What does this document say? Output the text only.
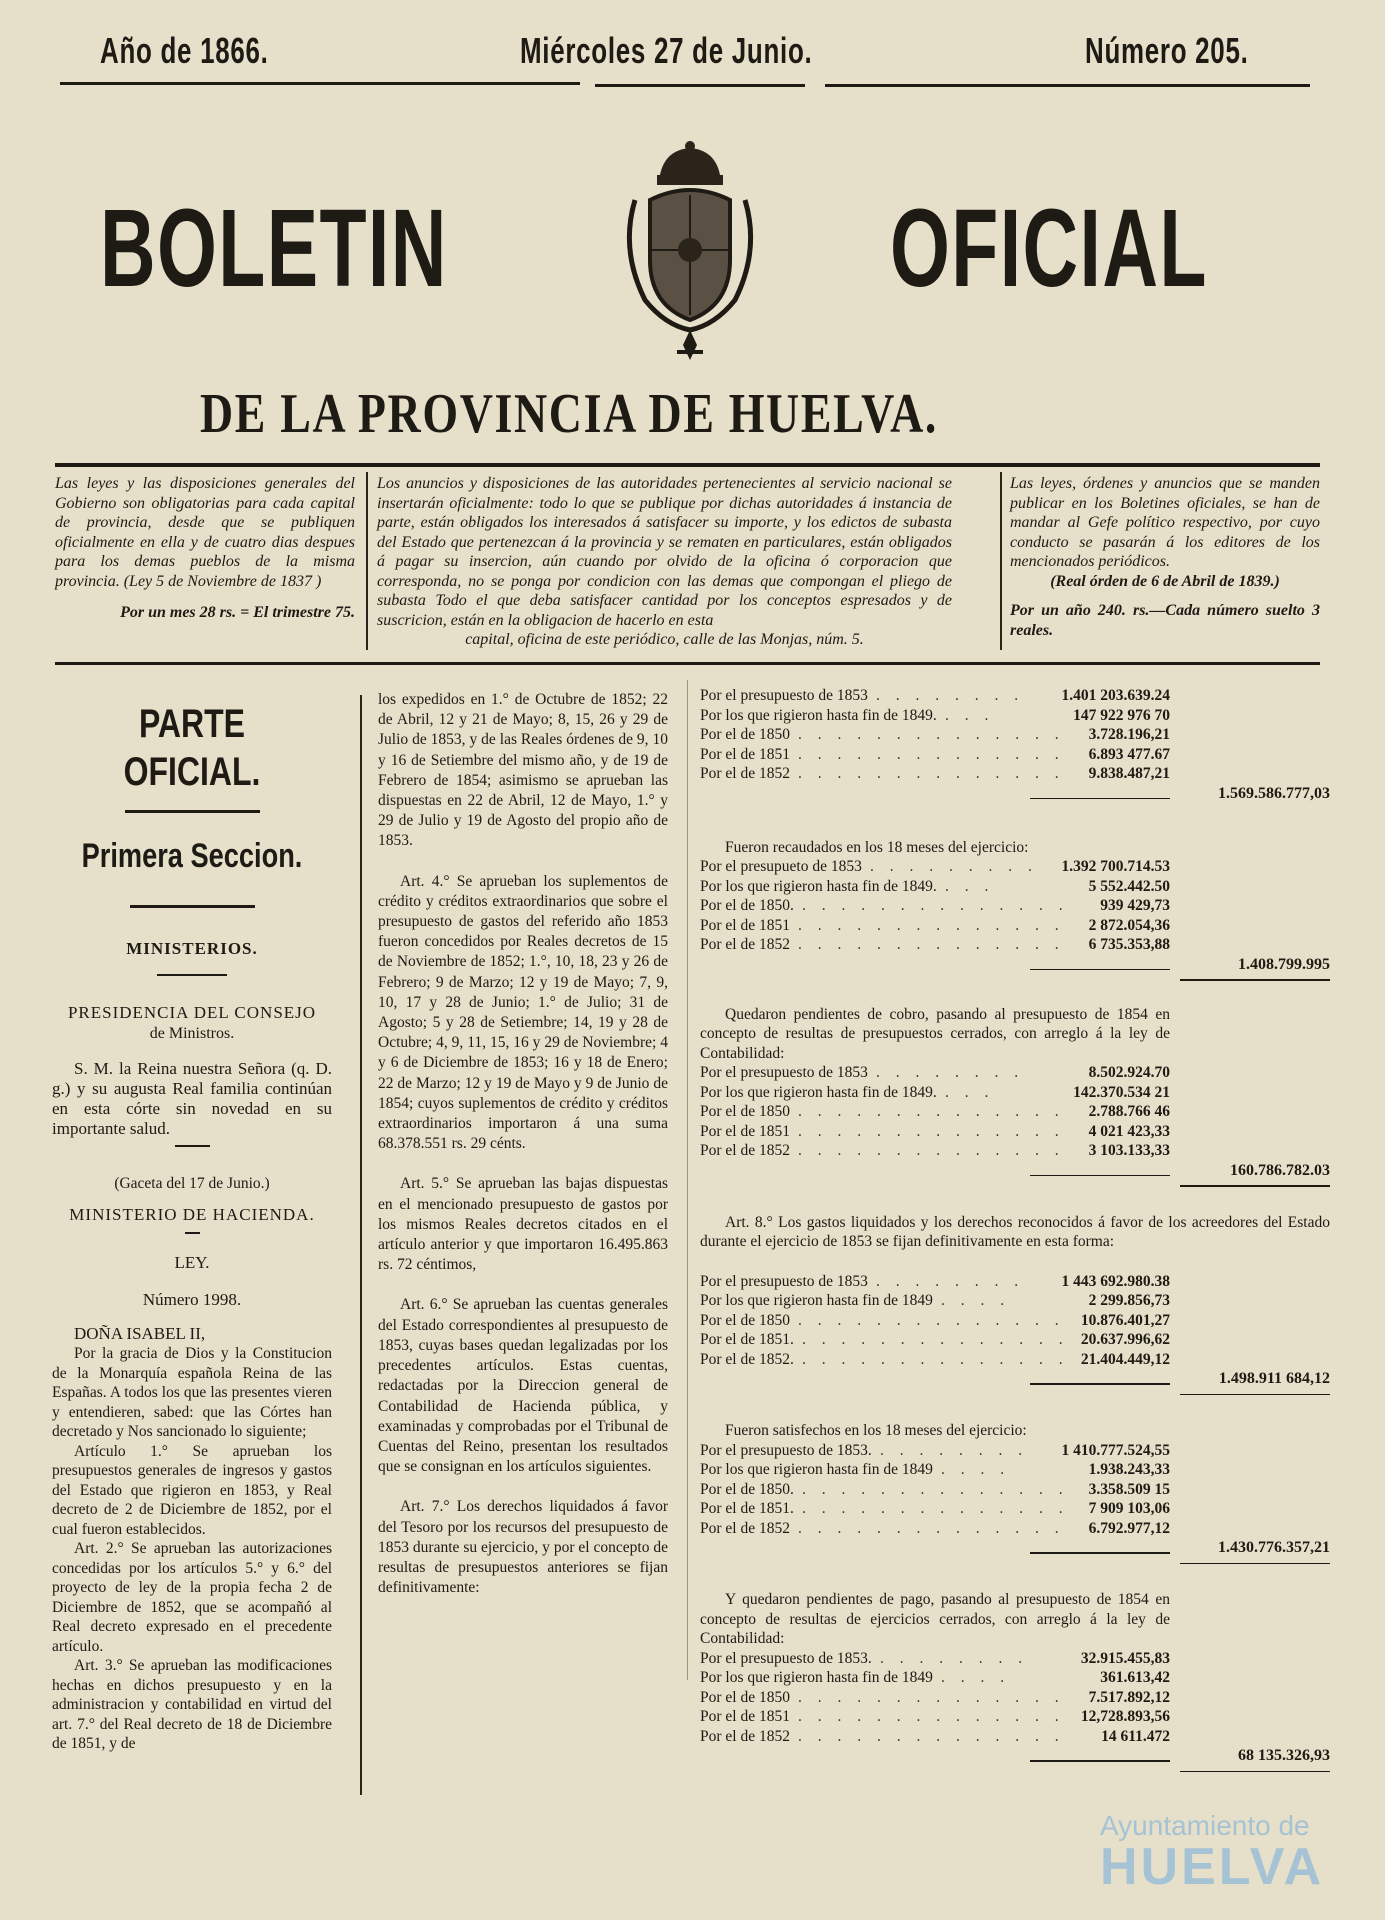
Año de 1866.	Miércoles 27 de Junio.	Número 205.
BOLETIN	OFICIAL
DE LA PROVINCIA DE HUELVA.
Las leyes y las disposiciones generales del Gobierno son obligatorias para cada capital de provincia, desde que se publiquen oficialmente en ella y de cuatro dias despues para los demas pueblos de la misma provincia. (Ley 5 de Noviembre de 1837 )
Por un mes 28 rs. = El trimestre 75.
Los anuncios y disposiciones de las autoridades pertenecientes al servicio nacional se insertarán oficialmente: todo lo que se publique por dichas autoridades á instancia de parte, están obligados los interesados á satisfacer su importe, y los edictos de subasta del Estado que pertenezcan á la provincia y se rematen en particulares, están obligados á pagar su insercion, aún cuando por olvido de la oficina ó corporacion que corresponda, no se ponga por condicion con las demas que compongan el pliego de subasta Todo el que deba satisfacer cantidad por los conceptos espresados y de suscricion, están en la obligacion de hacerlo en esta
capital, oficina de este periódico, calle de las Monjas, núm. 5.
Las leyes, órdenes y anuncios que se manden publicar en los Boletines oficiales, se han de mandar al Gefe político respectivo, por cuyo conducto se pasarán á los editores de los mencionados periódicos.
(Real órden de 6 de Abril de 1839.)
Por un año 240. rs.—Cada número suelto 3 reales.
PARTE OFICIAL.
Primera Seccion.
MINISTERIOS.
PRESIDENCIA DEL CONSEJO
de Ministros.

S. M. la Reina nuestra Señora (q. D. g.) y su augusta Real familia continúan en esta córte sin novedad en su importante salud.

(Gaceta del 17 de Junio.)
MINISTERIO DE HACIENDA.
LEY.
Número 1998.
DOÑA ISABEL II,

Por la gracia de Dios y la Constitucion de la Monarquía española Reina de las Españas. A todos los que las presentes vieren y entendieren, sabed: que las Córtes han decretado y Nos sancionado lo siguiente;

Artículo 1.° Se aprueban los presupuestos generales de ingresos y gastos del Estado que rigieron en 1853, y Real decreto de 2 de Diciembre de 1852, por el cual fueron establecidos.

Art. 2.° Se aprueban las autorizaciones concedidas por los artículos 5.° y 6.° del proyecto de ley de la propia fecha 2 de Diciembre de 1852, que se acompañó al Real decreto expresado en el precedente artículo.

Art. 3.° Se aprueban las modificaciones hechas en dichos presupuesto y en la administracion y contabilidad en virtud del art. 7.° del Real decreto de 18 de Diciembre de 1851, y de

los expedidos en 1.° de Octubre de 1852; 22 de Abril, 12 y 21 de Mayo; 8, 15, 26 y 29 de Julio de 1853, y de las Reales órdenes de 9, 10 y 16 de Setiembre del mismo año, y de 19 de Febrero de 1854; asimismo se aprueban las dispuestas en 22 de Abril, 12 de Mayo, 1.° y 29 de Julio y 19 de Agosto del propio año de 1853.

Art. 4.° Se aprueban los suplementos de crédito y créditos extraordinarios que sobre el presupuesto de gastos del referido año 1853 fueron concedidos por Reales decretos de 15 de Noviembre de 1852; 1.°, 10, 18, 23 y 26 de Febrero; 9 de Marzo; 12 y 19 de Mayo; 7, 9, 10, 17 y 28 de Junio; 1.° de Julio; 31 de Agosto; 5 y 28 de Setiembre; 14, 19 y 28 de Octubre; 4, 9, 11, 15, 16 y 29 de Noviembre; 4 y 6 de Diciembre de 1853; 16 y 18 de Enero; 22 de Marzo; 12 y 19 de Mayo y 9 de Junio de 1854; cuyos suplementos de crédito y créditos extraordinarios importaron á una suma 68.378.551 rs. 29 cénts.

Art. 5.° Se aprueban las bajas dispuestas en el mencionado presupuesto de gastos por los mismos Reales decretos citados en el artículo anterior y que importaron 16.495.863 rs. 72 céntimos,

Art. 6.° Se aprueban las cuentas generales del Estado correspondientes al presupuesto de 1853, cuyas bases quedan legalizadas por los precedentes artículos. Estas cuentas, redactadas por la Direccion general de Contabilidad de Hacienda pública, y examinadas y comprobadas por el Tribunal de Cuentas del Reino, presentan los resultados que se consignan en los artículos siguientes.

Art. 7.° Los derechos liquidados á favor del Tesoro por los recursos del presupuesto de 1853 durante su ejercicio, y por el concepto de resultas de presupuestos anteriores se fijan definitivamente:

Por el presupuesto de 1853 . . . . . . . . 1.401 203.639.24
Por los que rigieron hasta fin de 1849. . . .	147 922 976 70
Por el de 1850 . . . . . . . . . . . . . . 3.728.196,21
Por el de 1851 . . . . . . . . . . . . . . 6.893 477.67
Por el de 1852 . . . . . . . . . . . . . . 9.838.487,21
1.569.586.777,03
Fueron recaudados en los 18 meses del ejercicio:
Por el presupueto de 1853 . . . . . . . . . 1.392 700.714.53
Por los que rigieron hasta fin de 1849. . . .	5 552.442.50
Por el de 1850. . . . . . . . . . . . . . . 939 429,73
Por el de 1851 . . . . . . . . . . . . . . 2 872.054,36
Por el de 1852 . . . . . . . . . . . . . . 6 735.353,88
1.408.799.995
Quedaron pendientes de cobro, pasando al presupuesto de 1854 en concepto de resultas de presupuestos cerrados, con arreglo á la ley de Contabilidad:
Por el presupuesto de 1853 . . . . . . . .	8.502.924.70
Por los que rigieron hasta fin de 1849. . . .	142.370.534 21
Por el de 1850 . . . . . . . . . . . . . . 2.788.766 46
Por el de 1851 . . . . . . . . . . . . . . 4 021 423,33
Por el de 1852 . . . . . . . . . . . . . . 3 103.133,33
160.786.782.03
Art. 8.° Los gastos liquidados y los derechos reconocidos á favor de los acreedores del Estado durante el ejercicio de 1853 se fijan definitivamente en esta forma:
Por el presupuesto de 1853 . . . . . . . . 1 443 692.980.38
Por los que rigieron hasta fin de 1849 . . . .	2 299.856,73
Por el de 1850 . . . . . . . . . . . . . . 10.876.401,27
Por el de 1851. . . . . . . . . . . . . . . 20.637.996,62
Por el de 1852. . . . . . . . . . . . . . . 21.404.449,12
1.498.911 684,12
Fueron satisfechos en los 18 meses del ejercicio:
Por el presupuesto de 1853. . . . . . . . . 1 410.777.524,55
Por los que rigieron hasta fin de 1849 . . . .	1.938.243,33
Por el de 1850. . . . . . . . . . . . . . . 3.358.509 15
Por el de 1851. . . . . . . . . . . . . . . 7 909 103,06
Por el de 1852 . . . . . . . . . . . . . . 6.792.977,12
1.430.776.357,21
Y quedaron pendientes de pago, pasando al presupuesto de 1854 en concepto de resultas de ejercicios cerrados, con arreglo á la ley de Contabilidad:
Por el presupuesto de 1853. . . . . . . . .	32.915.455,83
Por los que rigieron hasta fin de 1849 . . . .	361.613,42
Por el de 1850 . . . . . . . . . . . . . . 7.517.892,12
Por el de 1851 . . . . . . . . . . . . . . 12,728.893,56
Por el de 1852 . . . . . . . . . . . . . . 14 611.472
68 135.326,93
Ayuntamiento de
HUELVA
